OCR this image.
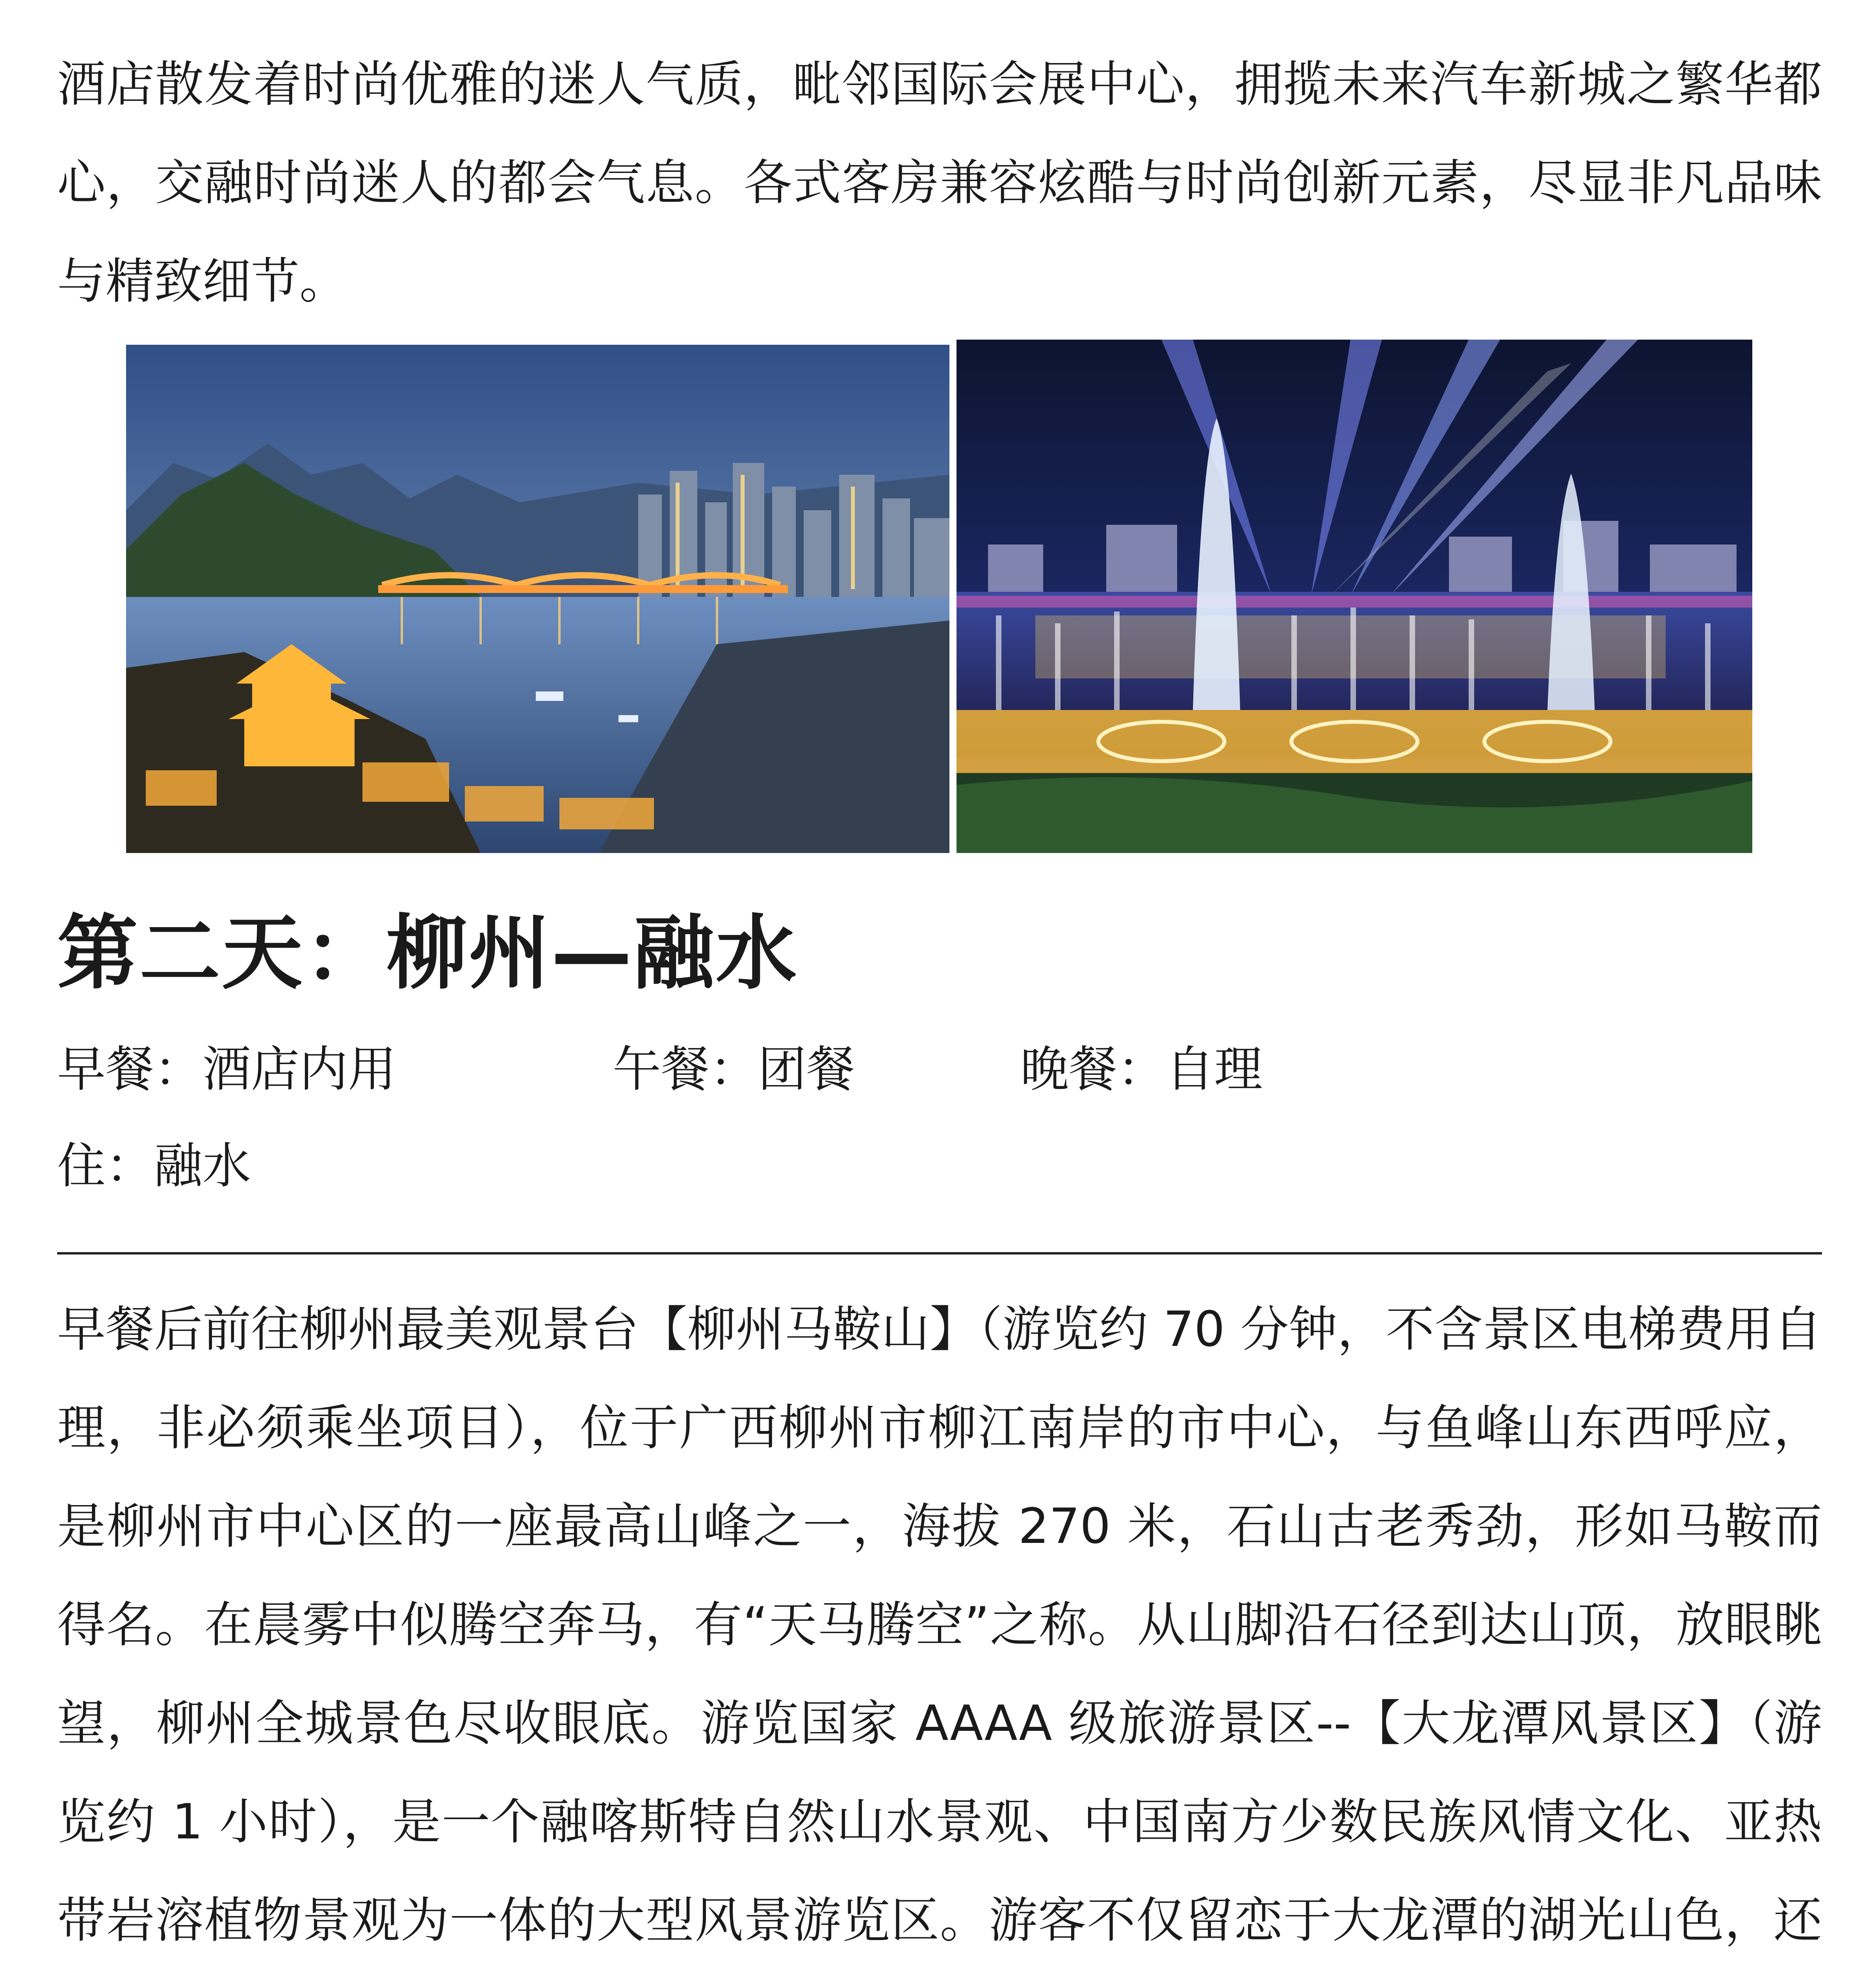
酒店散发着时尚优雅的迷人气质，毗邻国际会展中心，拥揽未来汽车新城之繁华都心，交融时尚迷人的都会气息。各式客房兼容炫酷与时尚创新元素，尽显非凡品味与精致细节。

第二天：柳州—融水
早餐：酒店内用	午餐：团餐	晚餐：自理
住：融水

早餐后前往柳州最美观景台【柳州马鞍山】（游览约 70 分钟，不含景区电梯费用自理，非必须乘坐项目），位于广西柳州市柳江南岸的市中心，与鱼峰山东西呼应，是柳州市中心区的一座最高山峰之一，海拔 270 米，石山古老秀劲，形如马鞍而得名。在晨雾中似腾空奔马，有“天马腾空”之称。从山脚沿石径到达山顶，放眼眺望，柳州全城景色尽收眼底。游览国家 AAAA 级旅游景区--【大龙潭风景区】（游览约 1 小时），是一个融喀斯特自然山水景观、中国南方少数民族风情文化、亚热带岩溶植物景观为一体的大型风景游览区。游客不仅留恋于大龙潭的湖光山色，还
